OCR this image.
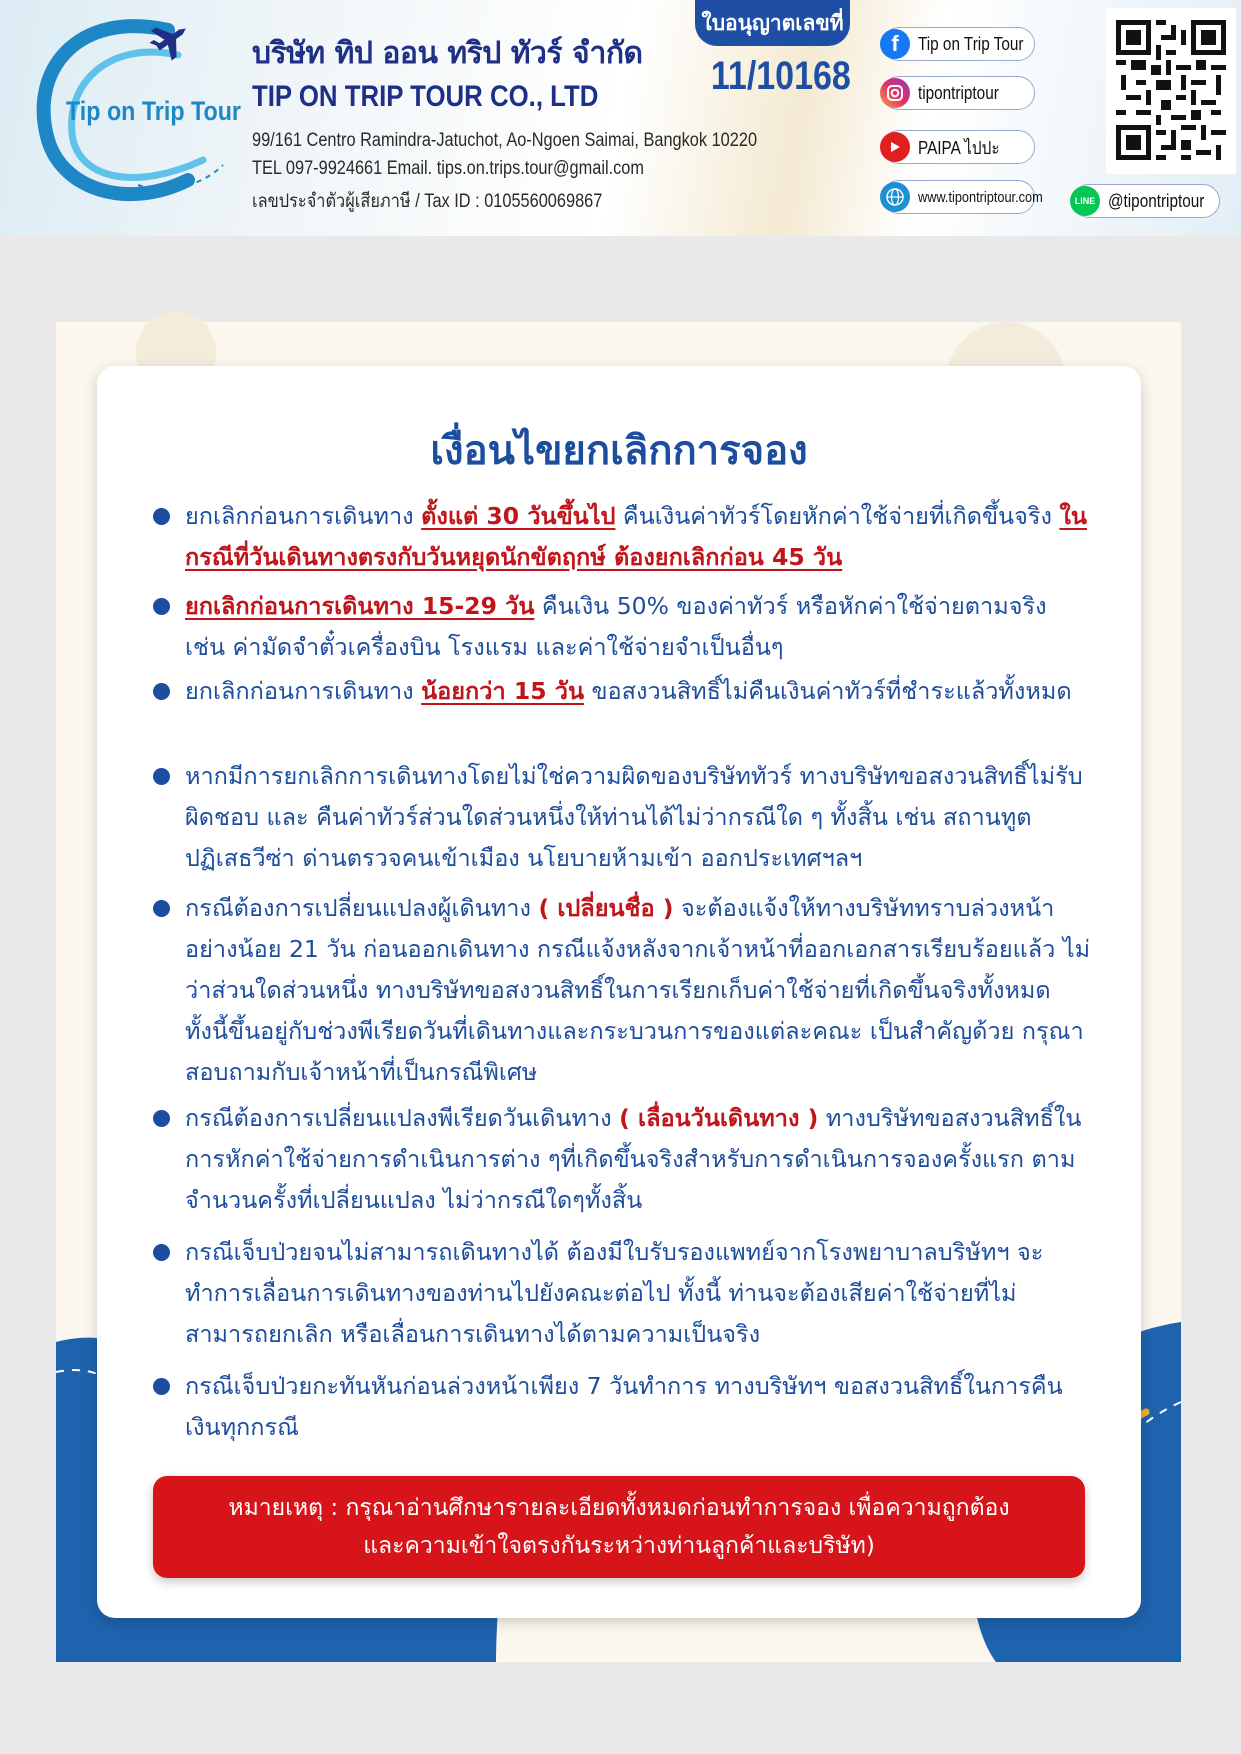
Tip on Trip Tour
บริษัท ทิป ออน ทริป ทัวร์ จำกัด
TIP ON TRIP TOUR CO., LTD
99/161 Centro Ramindra-Jatuchot, Ao-Ngoen Saimai, Bangkok 10220
TEL 097-9924661 Email. tips.on.trips.tour@gmail.com
เลขประจำตัวผู้เสียภาษี / Tax ID : 0105560069867
ใบอนุญาตเลขที่
11/10168
f	Tip on Trip Tour
tipontriptour
PAIPA ไปปะ
www.tipontriptour.com	LINE @tipontriptour
เงื่อนไขยกเลิกการจอง
ยกเลิกก่อนการเดินทาง ตั้งแต่ 30 วันขึ้นไป คืนเงินค่าทัวร์โดยหักค่าใช้จ่ายที่เกิดขึ้นจริง ในกรณีที่วันเดินทางตรงกับวันหยุดนักขัตฤกษ์ ต้องยกเลิกก่อน 45 วัน
ยกเลิกก่อนการเดินทาง 15-29 วัน คืนเงิน 50% ของค่าทัวร์ หรือหักค่าใช้จ่ายตามจริง เช่น ค่ามัดจำตั๋วเครื่องบิน โรงแรม และค่าใช้จ่ายจำเป็นอื่นๆ
ยกเลิกก่อนการเดินทาง น้อยกว่า 15 วัน ขอสงวนสิทธิ์ไม่คืนเงินค่าทัวร์ที่ชำระแล้วทั้งหมด
หากมีการยกเลิกการเดินทางโดยไม่ใช่ความผิดของบริษัททัวร์ ทางบริษัทขอสงวนสิทธิ์ไม่รับผิดชอบ และ คืนค่าทัวร์ส่วนใดส่วนหนึ่งให้ท่านได้ไม่ว่ากรณีใด ๆ ทั้งสิ้น เช่น สถานทูตปฏิเสธวีซ่า ด่านตรวจคนเข้าเมือง นโยบายห้ามเข้า ออกประเทศฯลฯ
กรณีต้องการเปลี่ยนแปลงผู้เดินทาง ( เปลี่ยนชื่อ ) จะต้องแจ้งให้ทางบริษัททราบล่วงหน้า อย่างน้อย 21 วัน ก่อนออกเดินทาง กรณีแจ้งหลังจากเจ้าหน้าที่ออกเอกสารเรียบร้อยแล้ว ไม่ว่าส่วนใดส่วนหนึ่ง ทางบริษัทขอสงวนสิทธิ์ในการเรียกเก็บค่าใช้จ่ายที่เกิดขึ้นจริงทั้งหมด ทั้งนี้ขึ้นอยู่กับช่วงพีเรียดวันที่เดินทางและกระบวนการของแต่ละคณะ เป็นสำคัญด้วย กรุณาสอบถามกับเจ้าหน้าที่เป็นกรณีพิเศษ
กรณีต้องการเปลี่ยนแปลงพีเรียดวันเดินทาง ( เลื่อนวันเดินทาง ) ทางบริษัทขอสงวนสิทธิ์ในการหักค่าใช้จ่ายการดำเนินการต่าง ๆที่เกิดขึ้นจริงสำหรับการดำเนินการจองครั้งแรก ตามจำนวนครั้งที่เปลี่ยนแปลง ไม่ว่ากรณีใดๆทั้งสิ้น
กรณีเจ็บป่วยจนไม่สามารถเดินทางได้ ต้องมีใบรับรองแพทย์จากโรงพยาบาลบริษัทฯ จะทำการเลื่อนการเดินทางของท่านไปยังคณะต่อไป ทั้งนี้ ท่านจะต้องเสียค่าใช้จ่ายที่ไม่สามารถยกเลิก หรือเลื่อนการเดินทางได้ตามความเป็นจริง
กรณีเจ็บป่วยกะทันหันก่อนล่วงหน้าเพียง 7 วันทำการ ทางบริษัทฯ ขอสงวนสิทธิ์ในการคืนเงินทุกกรณี
หมายเหตุ : กรุณาอ่านศึกษารายละเอียดทั้งหมดก่อนทำการจอง เพื่อความถูกต้อง
และความเข้าใจตรงกันระหว่างท่านลูกค้าและบริษัท)
